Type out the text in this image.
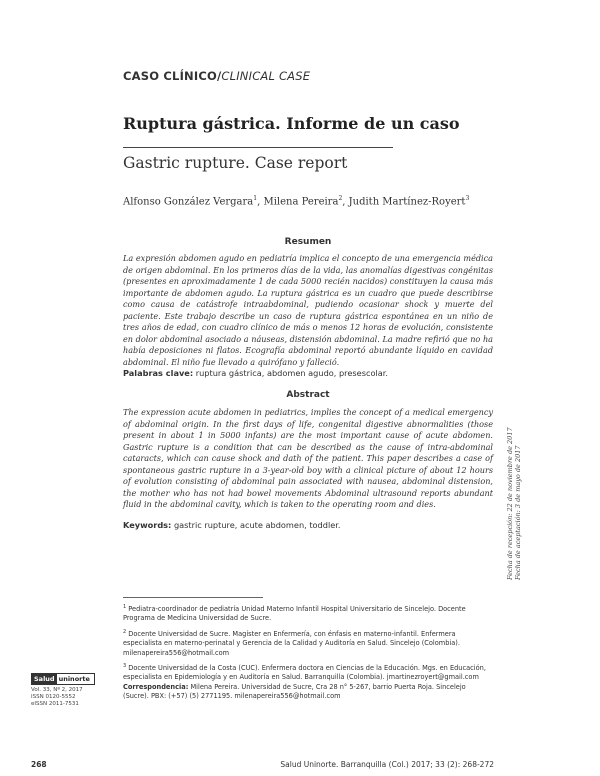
CASO CLÍNICO/CLINICAL CASE
Ruptura gástrica. Informe de un caso
Gastric rupture. Case report
Alfonso González Vergara$^1$, Milena Pereira$^2$, Judith Martínez-Royert$^3$
Resumen
La expresión abdomen agudo en pediatría implica el concepto de una emergencia médica de origen abdominal. En los primeros días de la vida, las anomalías digestivas congénitas (presentes en aproximadamente 1 de cada 5000 recién nacidos) constituyen la causa más importante de abdomen agudo. La ruptura gástrica es un cuadro que puede describirse como causa de catástrofe intraabdominal, pudiendo ocasionar shock y muerte del paciente. Este trabajo describe un caso de ruptura gástrica espontánea en un niño de tres años de edad, con cuadro clínico de más o menos 12 horas de evolución, consistente en dolor abdominal asociado a náuseas, distensión abdominal. La madre refirió que no ha había deposiciones ni flatos. Ecografía abdominal reportó abundante líquido en cavidad abdominal. El niño fue llevado a quirófano y falleció.
Palabras clave: ruptura gástrica, abdomen agudo, presescolar.
Abstract
The expression acute abdomen in pediatrics, implies the concept of a medical emergency of abdominal origin. In the first days of life, congenital digestive abnormalities (those present in about 1 in 5000 infants) are the most important cause of acute abdomen. Gastric rupture is a condition that can be described as the cause of intra-abdominal cataracts, which can cause shock and dath of the patient. This paper describes a case of spontaneous gastric rupture in a 3-year-old boy with a clinical picture of about 12 hours of evolution consisting of abdominal pain associated with nausea, abdominal distension, the mother who has not had bowel movements Abdominal ultrasound reports abundant fluid in the abdominal cavity, which is taken to the operating room and dies.
Keywords: gastric rupture, acute abdomen, toddler.	Fecha de recepción: 22 de noviembre de 2017 Fecha de aceptación: 3 de mayo de 2017

$^1$ Pediatra-coordinador de pediatría Unidad Materno Infantil Hospital Universitario de Sincelejo. Docente Programa de Medicina Universidad de Sucre.

$^2$ Docente Universidad de Sucre. Magíster en Enfermería, con énfasis en materno-infantil. Enfermera especialista en materno-perinatal y Gerencia de la Calidad y Auditoría en Salud. Sincelejo (Colombia). milenapereira556@hotmail.com

$^3$ Docente Universidad de la Costa (CUC). Enfermera doctora en Ciencias de la Educación. Mgs. en Educación, especialista en Epidemiología y en Auditoría en Salud. Barranquilla (Colombia). jmartinezroyert@gmail.com

Correspondencia: Milena Pereira. Universidad de Sucre, Cra 28 n° 5-267, barrio Puerta Roja. Sincelejo (Sucre). PBX: (+57) (5) 2771195. milenapereira556@hotmail.com

Salud uninorte
Vol. 33, Nº 2, 2017
ISSN 0120-5552
eISSN 2011-7531
268	Salud Uninorte. Barranquilla (Col.) 2017; 33 (2): 268-272
